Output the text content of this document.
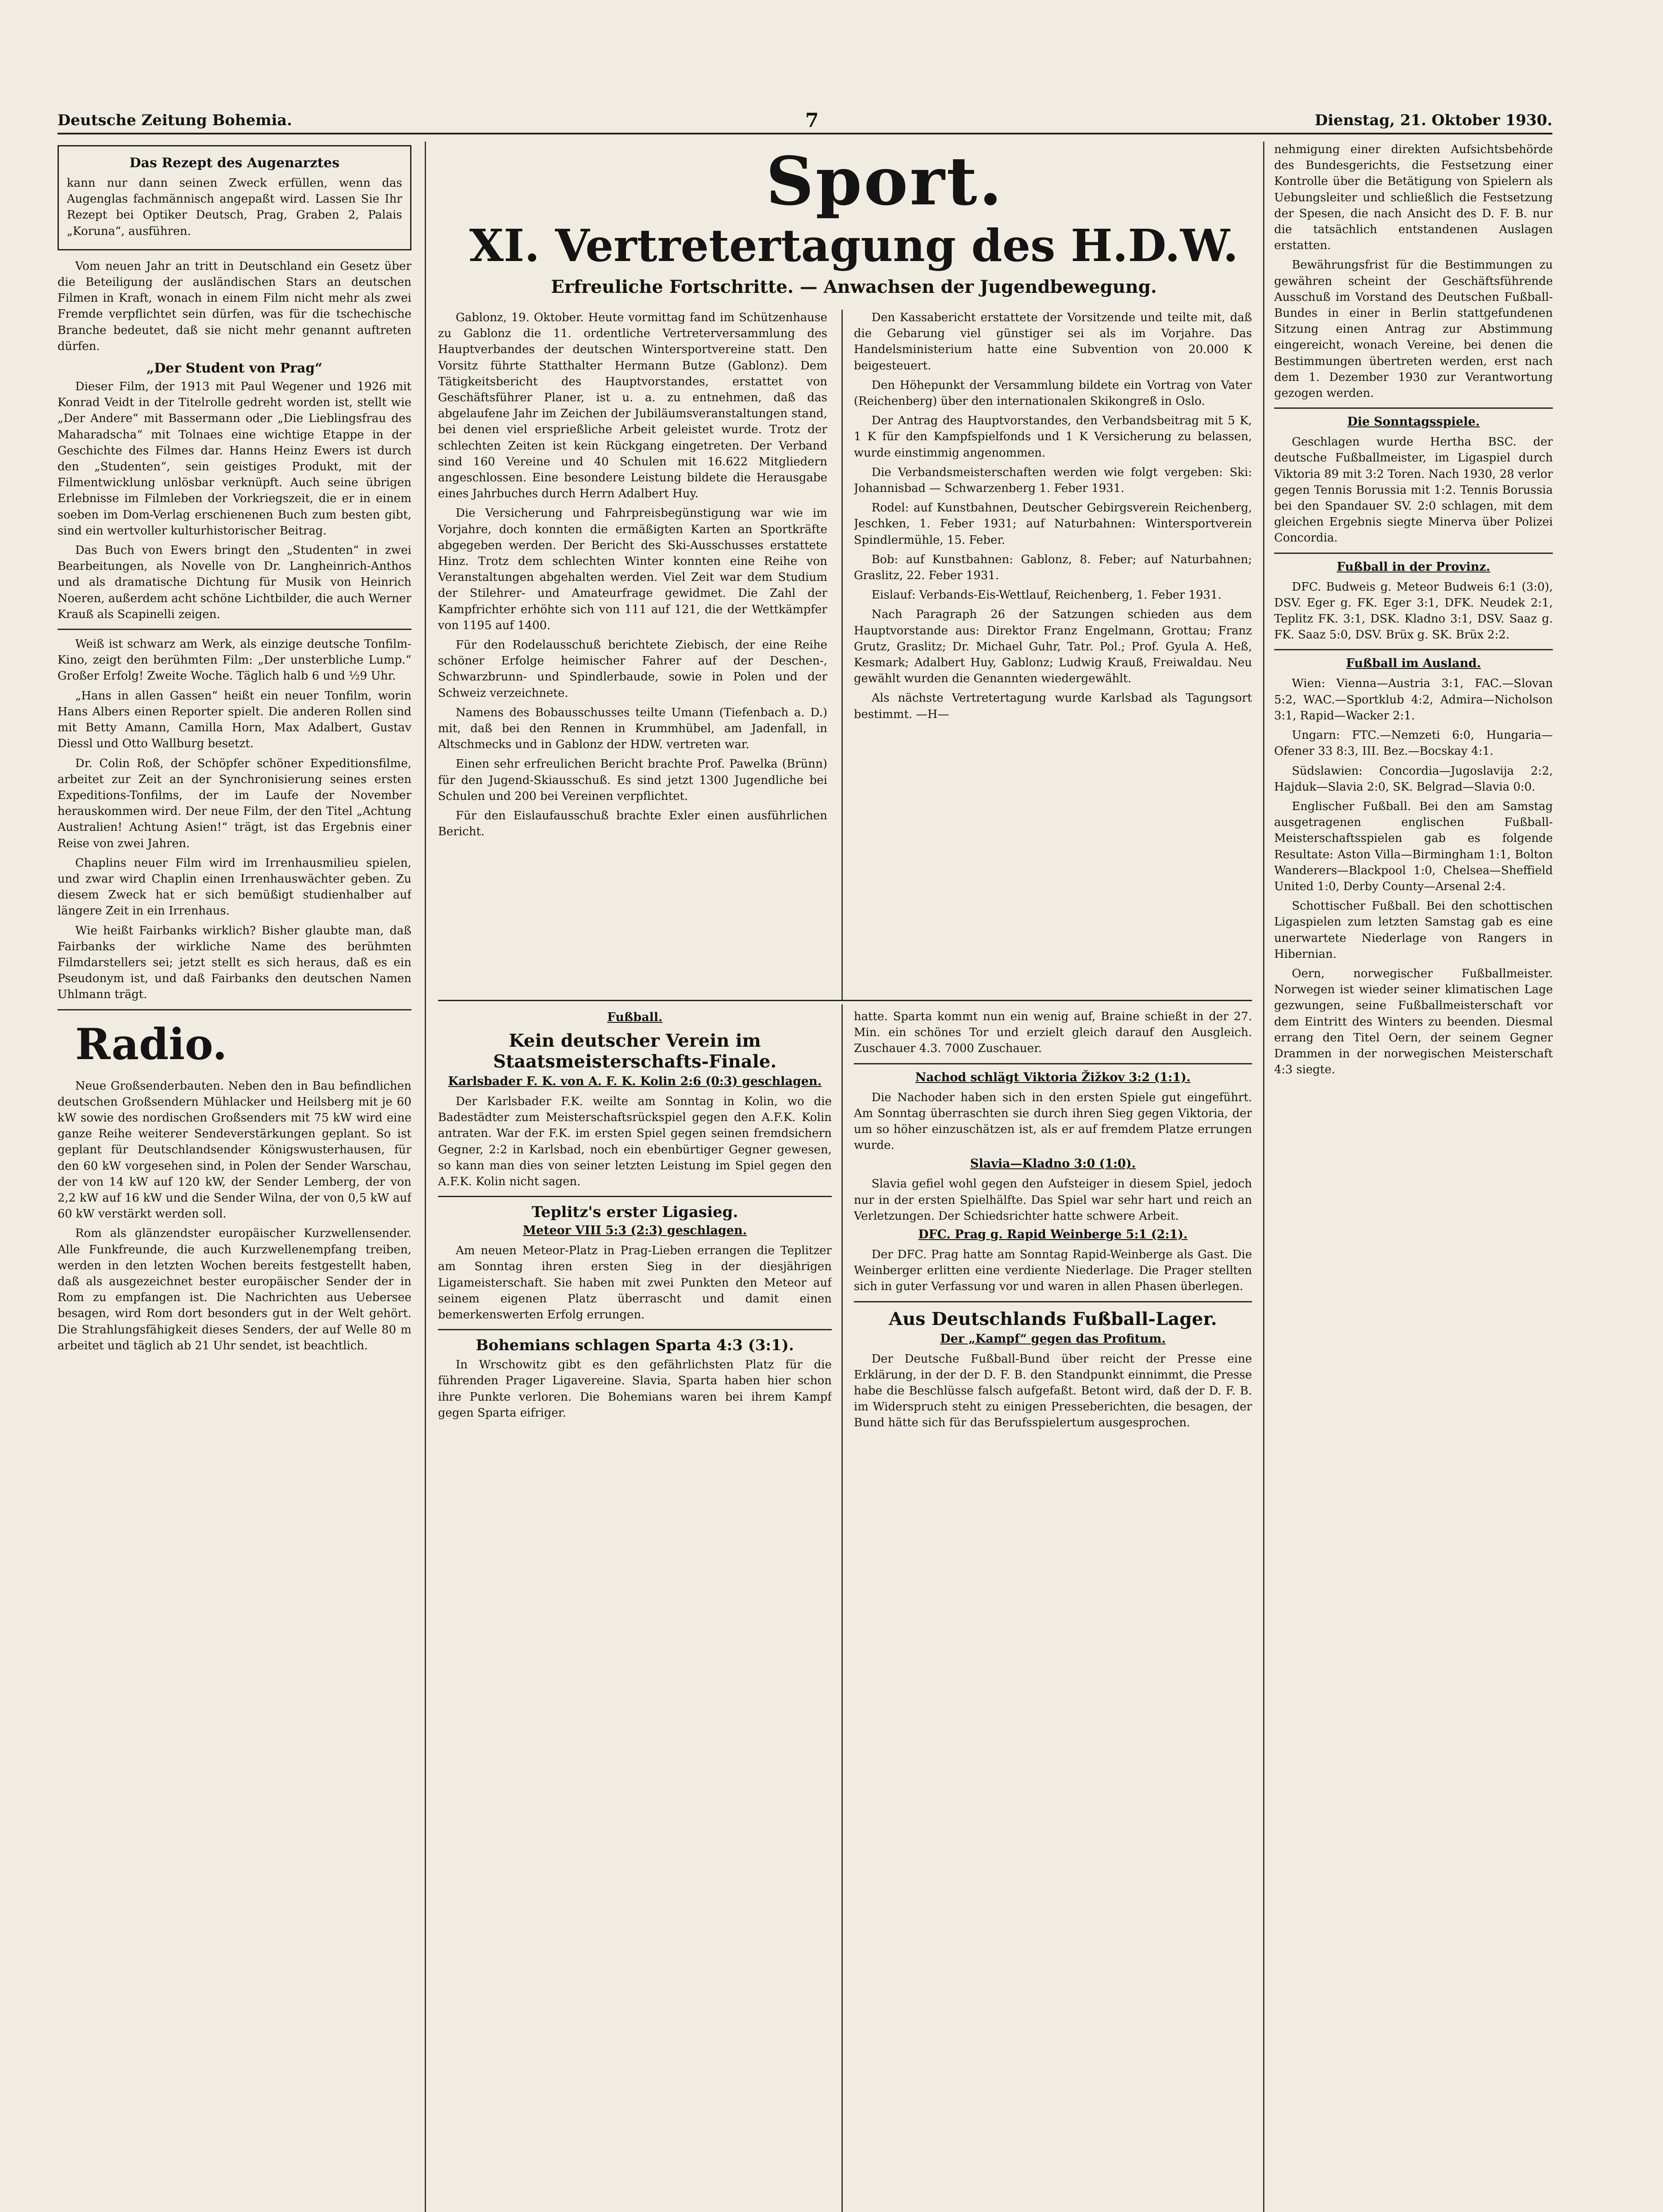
Deutsche Zeitung Bohemia.	7	Dienstag, 21. Oktober 1930.
Das Rezept des Augenarztes

kann nur dann seinen Zweck erfüllen, wenn das Augenglas fachmännisch angepaßt wird. Lassen Sie Ihr Rezept bei Optiker Deutsch, Prag, Graben 2, Palais „Koruna“, ausführen.

Vom neuen Jahr an tritt in Deutschland ein Gesetz über die Beteiligung der ausländischen Stars an deutschen Filmen in Kraft, wonach in einem Film nicht mehr als zwei Fremde verpflichtet sein dürfen, was für die tschechische Branche bedeutet, daß sie nicht mehr genannt auftreten dürfen.

„Der Student von Prag“

Dieser Film, der 1913 mit Paul Wegener und 1926 mit Konrad Veidt in der Titelrolle gedreht worden ist, stellt wie „Der Andere“ mit Bassermann oder „Die Lieblingsfrau des Maharadscha“ mit Tolnaes eine wichtige Etappe in der Geschichte des Filmes dar. Hanns Heinz Ewers ist durch den „Studenten“, sein geistiges Produkt, mit der Filmentwicklung unlösbar verknüpft. Auch seine übrigen Erlebnisse im Filmleben der Vorkriegszeit, die er in einem soeben im Dom-Verlag erschienenen Buch zum besten gibt, sind ein wertvoller kulturhistorischer Beitrag.

Das Buch von Ewers bringt den „Studenten“ in zwei Bearbeitungen, als Novelle von Dr. Langheinrich-Anthos und als dramatische Dichtung für Musik von Heinrich Noeren, außerdem acht schöne Lichtbilder, die auch Werner Krauß als Scapinelli zeigen.

Weiß ist schwarz am Werk, als einzige deutsche Tonfilm-Kino, zeigt den berühmten Film: „Der unsterbliche Lump.“ Großer Erfolg! Zweite Woche. Täglich halb 6 und ½9 Uhr.

„Hans in allen Gassen“ heißt ein neuer Tonfilm, worin Hans Albers einen Reporter spielt. Die anderen Rollen sind mit Betty Amann, Camilla Horn, Max Adalbert, Gustav Diessl und Otto Wallburg besetzt.

Dr. Colin Roß, der Schöpfer schöner Expeditionsfilme, arbeitet zur Zeit an der Synchronisierung seines ersten Expeditions-Tonfilms, der im Laufe der November herauskommen wird. Der neue Film, der den Titel „Achtung Australien! Achtung Asien!“ trägt, ist das Ergebnis einer Reise von zwei Jahren.

Chaplins neuer Film wird im Irrenhausmilieu spielen, und zwar wird Chaplin einen Irrenhauswächter geben. Zu diesem Zweck hat er sich bemüßigt studienhalber auf längere Zeit in ein Irrenhaus.

Wie heißt Fairbanks wirklich? Bisher glaubte man, daß Fairbanks der wirkliche Name des berühmten Filmdarstellers sei; jetzt stellt es sich heraus, daß es ein Pseudonym ist, und daß Fairbanks den deutschen Namen Uhlmann trägt.

Radio.

Neue Großsenderbauten. Neben den in Bau befindlichen deutschen Großsendern Mühlacker und Heilsberg mit je 60 kW sowie des nordischen Großsenders mit 75 kW wird eine ganze Reihe weiterer Sendeverstärkungen geplant. So ist geplant für Deutschlandsender Königswusterhausen, für den 60 kW vorgesehen sind, in Polen der Sender Warschau, der von 14 kW auf 120 kW, der Sender Lemberg, der von 2,2 kW auf 16 kW und die Sender Wilna, der von 0,5 kW auf 60 kW verstärkt werden soll.

Rom als glänzendster europäischer Kurzwellensender. Alle Funkfreunde, die auch Kurzwellenempfang treiben, werden in den letzten Wochen bereits festgestellt haben, daß als ausgezeichnet bester europäischer Sender der in Rom zu empfangen ist. Die Nachrichten aus Uebersee besagen, wird Rom dort besonders gut in der Welt gehört. Die Strahlungsfähigkeit dieses Senders, der auf Welle 80 m arbeitet und täglich ab 21 Uhr sendet, ist beachtlich.

Sport.
XI. Vertretertagung des H.D.W.
Erfreuliche Fortschritte. — Anwachsen der Jugendbewegung.

Gablonz, 19. Oktober. Heute vormittag fand im Schützenhause zu Gablonz die 11. ordentliche Vertreterversammlung des Hauptverbandes der deutschen Wintersportvereine statt. Den Vorsitz führte Statthalter Hermann Butze (Gablonz). Dem Tätigkeitsbericht des Hauptvorstandes, erstattet von Geschäftsführer Planer, ist u. a. zu entnehmen, daß das abgelaufene Jahr im Zeichen der Jubiläumsveranstaltungen stand, bei denen viel ersprießliche Arbeit geleistet wurde. Trotz der schlechten Zeiten ist kein Rückgang eingetreten. Der Verband sind 160 Vereine und 40 Schulen mit 16.622 Mitgliedern angeschlossen. Eine besondere Leistung bildete die Herausgabe eines Jahrbuches durch Herrn Adalbert Huy.

Die Versicherung und Fahrpreisbegünstigung war wie im Vorjahre, doch konnten die ermäßigten Karten an Sportkräfte abgegeben werden. Der Bericht des Ski-Ausschusses erstattete Hinz. Trotz dem schlechten Winter konnten eine Reihe von Veranstaltungen abgehalten werden. Viel Zeit war dem Studium der Stilehrer- und Amateurfrage gewidmet. Die Zahl der Kampfrichter erhöhte sich von 111 auf 121, die der Wettkämpfer von 1195 auf 1400.

Für den Rodelausschuß berichtete Ziebisch, der eine Reihe schöner Erfolge heimischer Fahrer auf der Deschen-, Schwarzbrunn- und Spindlerbaude, sowie in Polen und der Schweiz verzeichnete.

Namens des Bobausschusses teilte Umann (Tiefenbach a. D.) mit, daß bei den Rennen in Krummhübel, am Jadenfall, in Altschmecks und in Gablonz der HDW. vertreten war.

Einen sehr erfreulichen Bericht brachte Prof. Pawelka (Brünn) für den Jugend-Skiausschuß. Es sind jetzt 1300 Jugendliche bei Schulen und 200 bei Vereinen verpflichtet.

Für den Eislaufausschuß brachte Exler einen ausführlichen Bericht.

Den Kassabericht erstattete der Vorsitzende und teilte mit, daß die Gebarung viel günstiger sei als im Vorjahre. Das Handelsministerium hatte eine Subvention von 20.000 K beigesteuert.

Den Höhepunkt der Versammlung bildete ein Vortrag von Vater (Reichenberg) über den internationalen Skikongreß in Oslo.

Der Antrag des Hauptvorstandes, den Verbandsbeitrag mit 5 K, 1 K für den Kampfspielfonds und 1 K Versicherung zu belassen, wurde einstimmig angenommen.

Die Verbandsmeisterschaften werden wie folgt vergeben: Ski: Johannisbad — Schwarzenberg 1. Feber 1931.

Rodel: auf Kunstbahnen, Deutscher Gebirgsverein Reichenberg, Jeschken, 1. Feber 1931; auf Naturbahnen: Wintersportverein Spindlermühle, 15. Feber.

Bob: auf Kunstbahnen: Gablonz, 8. Feber; auf Naturbahnen; Graslitz, 22. Feber 1931.

Eislauf: Verbands-Eis-Wettlauf, Reichenberg, 1. Feber 1931.

Nach Paragraph 26 der Satzungen schieden aus dem Hauptvorstande aus: Direktor Franz Engelmann, Grottau; Franz Grutz, Graslitz; Dr. Michael Guhr, Tatr. Pol.; Prof. Gyula A. Heß, Kesmark; Adalbert Huy, Gablonz; Ludwig Krauß, Freiwaldau. Neu gewählt wurden die Genannten wiedergewählt.

Als nächste Vertretertagung wurde Karlsbad als Tagungsort bestimmt. —H—

Fußball.
Kein deutscher Verein im Staatsmeisterschafts-Finale.
Karlsbader F. K. von A. F. K. Kolin 2:6 (0:3) geschlagen.

Der Karlsbader F.K. weilte am Sonntag in Kolin, wo die Badestädter zum Meisterschaftsrückspiel gegen den A.F.K. Kolin antraten. War der F.K. im ersten Spiel gegen seinen fremdsichern Gegner, 2:2 in Karlsbad, noch ein ebenbürtiger Gegner gewesen, so kann man dies von seiner letzten Leistung im Spiel gegen den A.F.K. Kolin nicht sagen.

Teplitz's erster Ligasieg.
Meteor VIII 5:3 (2:3) geschlagen.

Am neuen Meteor-Platz in Prag-Lieben errangen die Teplitzer am Sonntag ihren ersten Sieg in der diesjährigen Ligameisterschaft. Sie haben mit zwei Punkten den Meteor auf seinem eigenen Platz überrascht und damit einen bemerkenswerten Erfolg errungen.

Bohemians schlagen Sparta 4:3 (3:1).

In Wrschowitz gibt es den gefährlichsten Platz für die führenden Prager Ligavereine. Slavia, Sparta haben hier schon ihre Punkte verloren. Die Bohemians waren bei ihrem Kampf gegen Sparta eifriger.

hatte. Sparta kommt nun ein wenig auf, Braine schießt in der 27. Min. ein schönes Tor und erzielt gleich darauf den Ausgleich. Zuschauer 4.3. 7000 Zuschauer.

Nachod schlägt Viktoria Žižkov 3:2 (1:1).

Die Nachoder haben sich in den ersten Spiele gut eingeführt. Am Sonntag überraschten sie durch ihren Sieg gegen Viktoria, der um so höher einzuschätzen ist, als er auf fremdem Platze errungen wurde.

Slavia—Kladno 3:0 (1:0).

Slavia gefiel wohl gegen den Aufsteiger in diesem Spiel, jedoch nur in der ersten Spielhälfte. Das Spiel war sehr hart und reich an Verletzungen. Der Schiedsrichter hatte schwere Arbeit.

DFC. Prag g. Rapid Weinberge 5:1 (2:1).

Der DFC. Prag hatte am Sonntag Rapid-Weinberge als Gast. Die Weinberger erlitten eine verdiente Niederlage. Die Prager stellten sich in guter Verfassung vor und waren in allen Phasen überlegen.

Aus Deutschlands Fußball-Lager.
Der „Kampf“ gegen das Profitum.

Der Deutsche Fußball-Bund über reicht der Presse eine Erklärung, in der der D. F. B. den Standpunkt einnimmt, die Presse habe die Beschlüsse falsch aufgefaßt. Betont wird, daß der D. F. B. im Widerspruch steht zu einigen Presseberichten, die besagen, der Bund hätte sich für das Berufsspielertum ausgesprochen.

nehmigung einer direkten Aufsichtsbehörde des Bundesgerichts, die Festsetzung einer Kontrolle über die Betätigung von Spielern als Uebungsleiter und schließlich die Festsetzung der Spesen, die nach Ansicht des D. F. B. nur die tatsächlich entstandenen Auslagen erstatten.

Bewährungsfrist für die Bestimmungen zu gewähren scheint der Geschäftsführende Ausschuß im Vorstand des Deutschen Fußball-Bundes in einer in Berlin stattgefundenen Sitzung einen Antrag zur Abstimmung eingereicht, wonach Vereine, bei denen die Bestimmungen übertreten werden, erst nach dem 1. Dezember 1930 zur Verantwortung gezogen werden.

Die Sonntagsspiele.

Geschlagen wurde Hertha BSC. der deutsche Fußballmeister, im Ligaspiel durch Viktoria 89 mit 3:2 Toren. Nach 1930, 28 verlor gegen Tennis Borussia mit 1:2. Tennis Borussia bei den Spandauer SV. 2:0 schlagen, mit dem gleichen Ergebnis siegte Minerva über Polizei Concordia.

Fußball in der Provinz.

DFC. Budweis g. Meteor Budweis 6:1 (3:0), DSV. Eger g. FK. Eger 3:1, DFK. Neudek 2:1, Teplitz FK. 3:1, DSK. Kladno 3:1, DSV. Saaz g. FK. Saaz 5:0, DSV. Brüx g. SK. Brüx 2:2.

Fußball im Ausland.

Wien: Vienna—Austria 3:1, FAC.—Slovan 5:2, WAC.—Sportklub 4:2, Admira—Nicholson 3:1, Rapid—Wacker 2:1.

Ungarn: FTC.—Nemzeti 6:0, Hungaria—Ofener 33 8:3, III. Bez.—Bocskay 4:1.

Südslawien: Concordia—Jugoslavija 2:2, Hajduk—Slavia 2:0, SK. Belgrad—Slavia 0:0.

Englischer Fußball. Bei den am Samstag ausgetragenen englischen Fußball-Meisterschaftsspielen gab es folgende Resultate: Aston Villa—Birmingham 1:1, Bolton Wanderers—Blackpool 1:0, Chelsea—Sheffield United 1:0, Derby County—Arsenal 2:4.

Schottischer Fußball. Bei den schottischen Ligaspielen zum letzten Samstag gab es eine unerwartete Niederlage von Rangers in Hibernian.

Oern, norwegischer Fußballmeister. Norwegen ist wieder seiner klimatischen Lage gezwungen, seine Fußballmeisterschaft vor dem Eintritt des Winters zu beenden. Diesmal errang den Titel Oern, der seinem Gegner Drammen in der norwegischen Meisterschaft 4:3 siegte.
